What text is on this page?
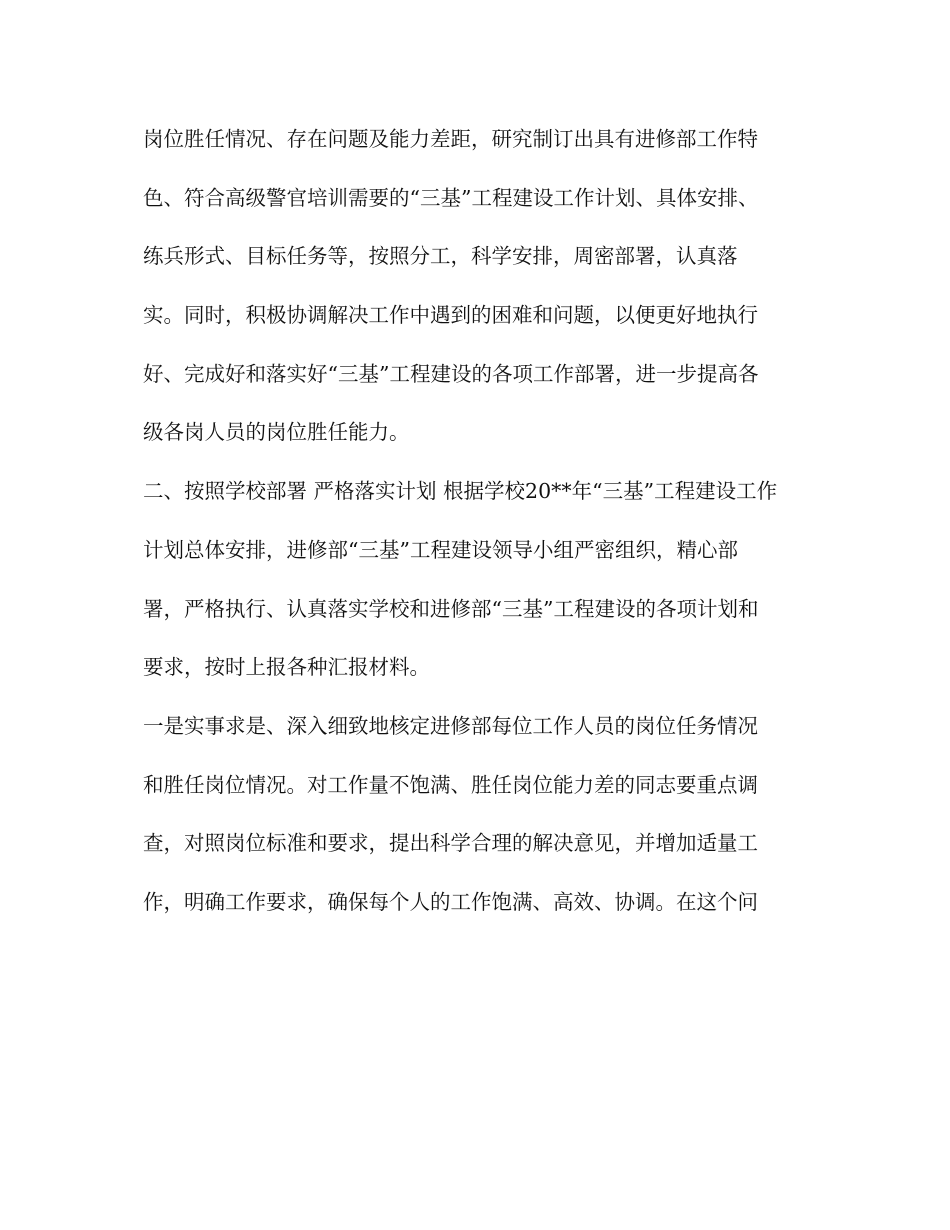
岗位胜任情况、存在问题及能力差距，研究制订出具有进修部工作特
色、符合高级警官培训需要的“三基”工程建设工作计划、具体安排、
练兵形式、目标任务等，按照分工，科学安排，周密部署，认真落
实。同时，积极协调解决工作中遇到的困难和问题，以便更好地执行
好、完成好和落实好“三基”工程建设的各项工作部署，进一步提高各
级各岗人员的岗位胜任能力。
二、按照学校部署 严格落实计划 根据学校20**年“三基”工程建设工作
计划总体安排，进修部“三基”工程建设领导小组严密组织，精心部
署，严格执行、认真落实学校和进修部“三基”工程建设的各项计划和
要求，按时上报各种汇报材料。
一是实事求是、深入细致地核定进修部每位工作人员的岗位任务情况
和胜任岗位情况。对工作量不饱满、胜任岗位能力差的同志要重点调
查，对照岗位标准和要求，提出科学合理的解决意见，并增加适量工
作，明确工作要求，确保每个人的工作饱满、高效、协调。在这个问
